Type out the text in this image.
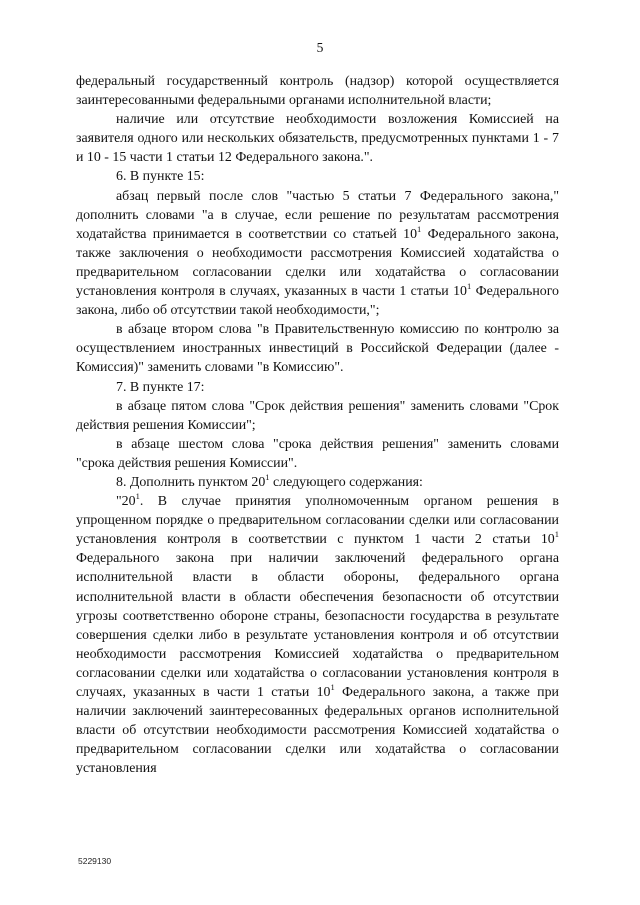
5

федеральный государственный контроль (надзор) которой осуществляется заинтересованными федеральными органами исполнительной власти;

наличие или отсутствие необходимости возложения Комиссией на заявителя одного или нескольких обязательств, предусмотренных пунктами 1 - 7 и 10 - 15 части 1 статьи 12 Федерального закона.".

6. В пункте 15:

абзац первый после слов "частью 5 статьи 7 Федерального закона," дополнить словами "а в случае, если решение по результатам рассмотрения ходатайства принимается в соответствии со статьей $10^1$ Федерального закона, также заключения о необходимости рассмотрения Комиссией ходатайства о предварительном согласовании сделки или ходатайства о согласовании установления контроля в случаях, указанных в части 1 статьи $10^1$ Федерального закона, либо об отсутствии такой необходимости,";

в абзаце втором слова "в Правительственную комиссию по контролю за осуществлением иностранных инвестиций в Российской Федерации (далее - Комиссия)" заменить словами "в Комиссию".

7. В пункте 17:

в абзаце пятом слова "Срок действия решения" заменить словами "Срок действия решения Комиссии";

в абзаце шестом слова "срока действия решения" заменить словами "срока действия решения Комиссии".

8. Дополнить пунктом $20^1$ следующего содержания:

"$20^1$. В случае принятия уполномоченным органом решения в упрощенном порядке о предварительном согласовании сделки или согласовании установления контроля в соответствии с пунктом 1 части 2 статьи $10^1$ Федерального закона при наличии заключений федерального органа исполнительной власти в области обороны, федерального органа исполнительной власти в области обеспечения безопасности об отсутствии угрозы соответственно обороне страны, безопасности государства в результате совершения сделки либо в результате установления контроля и об отсутствии необходимости рассмотрения Комиссией ходатайства о предварительном согласовании сделки или ходатайства о согласовании установления контроля в случаях, указанных в части 1 статьи $10^1$ Федерального закона, а также при наличии заключений заинтересованных федеральных органов исполнительной власти об отсутствии необходимости рассмотрения Комиссией ходатайства о предварительном согласовании сделки или ходатайства о согласовании установления

5229130
